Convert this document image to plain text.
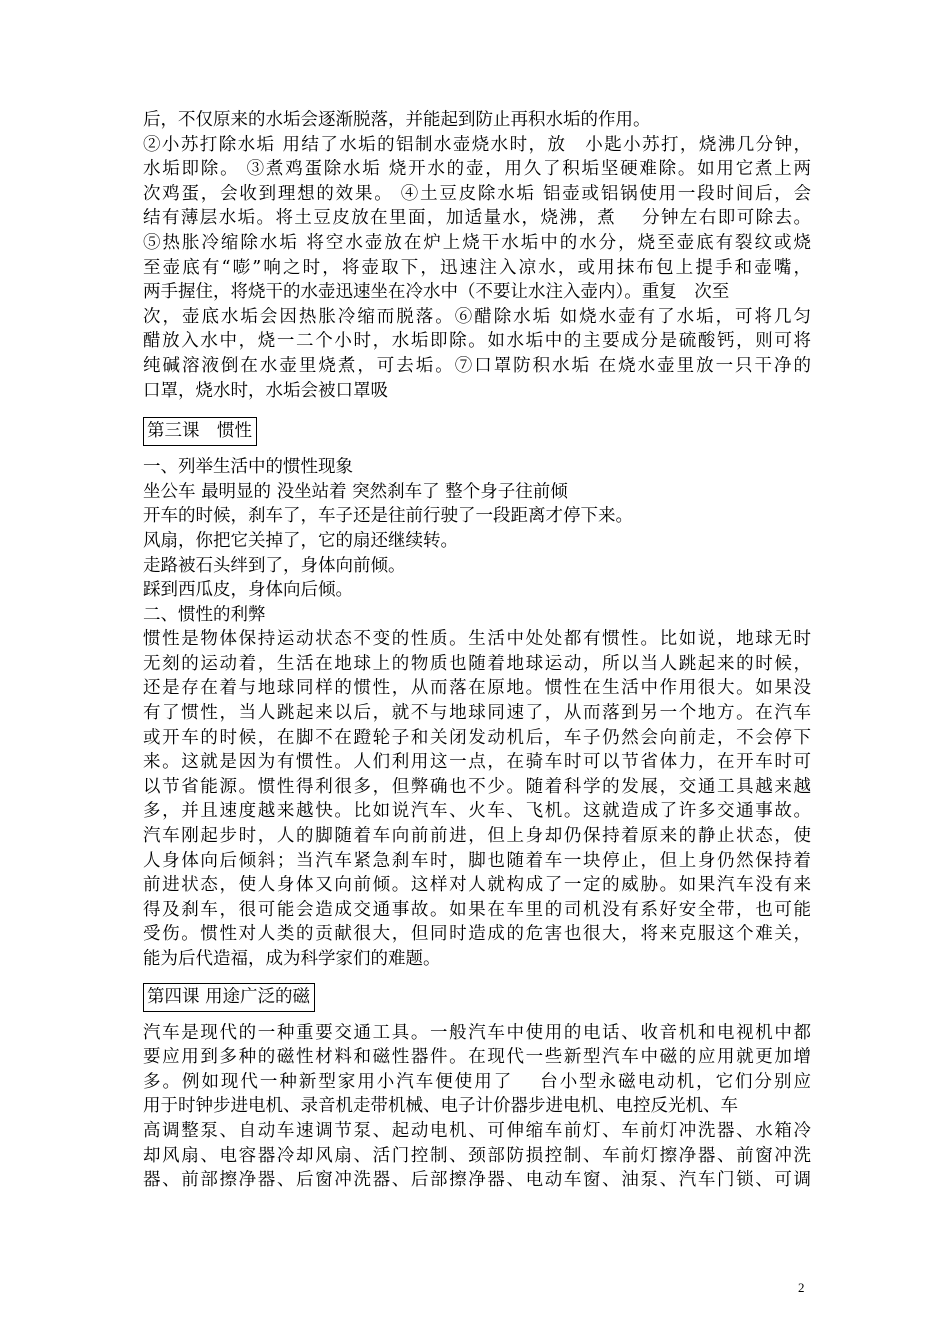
后，不仅原来的水垢会逐渐脱落，并能起到防止再积水垢的作用。
②小苏打除水垢 用结了水垢的铝制水壶烧水时，放　小匙小苏打，烧沸几分钟，
水垢即除。 ③煮鸡蛋除水垢 烧开水的壶，用久了积垢坚硬难除。如用它煮上两
次鸡蛋，会收到理想的效果。 ④土豆皮除水垢 铝壶或铝锅使用一段时间后，会
结有薄层水垢。将土豆皮放在里面，加适量水，烧沸，煮　 分钟左右即可除去。
⑤热胀冷缩除水垢 将空水壶放在炉上烧干水垢中的水分，烧至壶底有裂纹或烧
至壶底有“嘭”响之时，将壶取下，迅速注入凉水，或用抹布包上提手和壶嘴，
两手握住，将烧干的水壶迅速坐在冷水中（不要让水注入壶内）。重复　次至
次，壶底水垢会因热胀冷缩而脱落。⑥醋除水垢 如烧水壶有了水垢，可将几匀
醋放入水中，烧一二个小时，水垢即除。如水垢中的主要成分是硫酸钙，则可将
纯碱溶液倒在水壶里烧煮，可去垢。⑦口罩防积水垢 在烧水壶里放一只干净的
口罩，烧水时，水垢会被口罩吸
第三课　惯性
一、列举生活中的惯性现象
坐公车 最明显的 没坐站着 突然刹车了 整个身子往前倾
开车的时候，刹车了，车子还是往前行驶了一段距离才停下来。
风扇，你把它关掉了，它的扇还继续转。
走路被石头绊到了，身体向前倾。
踩到西瓜皮，身体向后倾。
二、惯性的利弊
惯性是物体保持运动状态不变的性质。生活中处处都有惯性。比如说，地球无时
无刻的运动着，生活在地球上的物质也随着地球运动，所以当人跳起来的时候，
还是存在着与地球同样的惯性，从而落在原地。惯性在生活中作用很大。如果没
有了惯性，当人跳起来以后，就不与地球同速了，从而落到另一个地方。在汽车
或开车的时候，在脚不在蹬轮子和关闭发动机后，车子仍然会向前走，不会停下
来。这就是因为有惯性。人们利用这一点，在骑车时可以节省体力，在开车时可
以节省能源。惯性得利很多，但弊确也不少。随着科学的发展，交通工具越来越
多，并且速度越来越快。比如说汽车、火车、飞机。这就造成了许多交通事故。
汽车刚起步时，人的脚随着车向前前进，但上身却仍保持着原来的静止状态，使
人身体向后倾斜；当汽车紧急刹车时，脚也随着车一块停止，但上身仍然保持着
前进状态，使人身体又向前倾。这样对人就构成了一定的威胁。如果汽车没有来
得及刹车，很可能会造成交通事故。如果在车里的司机没有系好安全带，也可能
受伤。惯性对人类的贡献很大，但同时造成的危害也很大，将来克服这个难关，
能为后代造福，成为科学家们的难题。
第四课 用途广泛的磁
汽车是现代的一种重要交通工具。一般汽车中使用的电话、收音机和电视机中都
要应用到多种的磁性材料和磁性器件。在现代一些新型汽车中磁的应用就更加增
多。例如现代一种新型家用小汽车便使用了　 台小型永磁电动机，它们分别应
用于时钟步进电机、录音机走带机械、电子计价器步进电机、电控反光机、车
高调整泵、自动车速调节泵、起动电机、可伸缩车前灯、车前灯冲洗器、水箱冷
却风扇、电容器冷却风扇、活门控制、颈部防损控制、车前灯擦净器、前窗冲洗
器、前部擦净器、后窗冲洗器、后部擦净器、电动车窗、油泵、汽车门锁、可调
2
